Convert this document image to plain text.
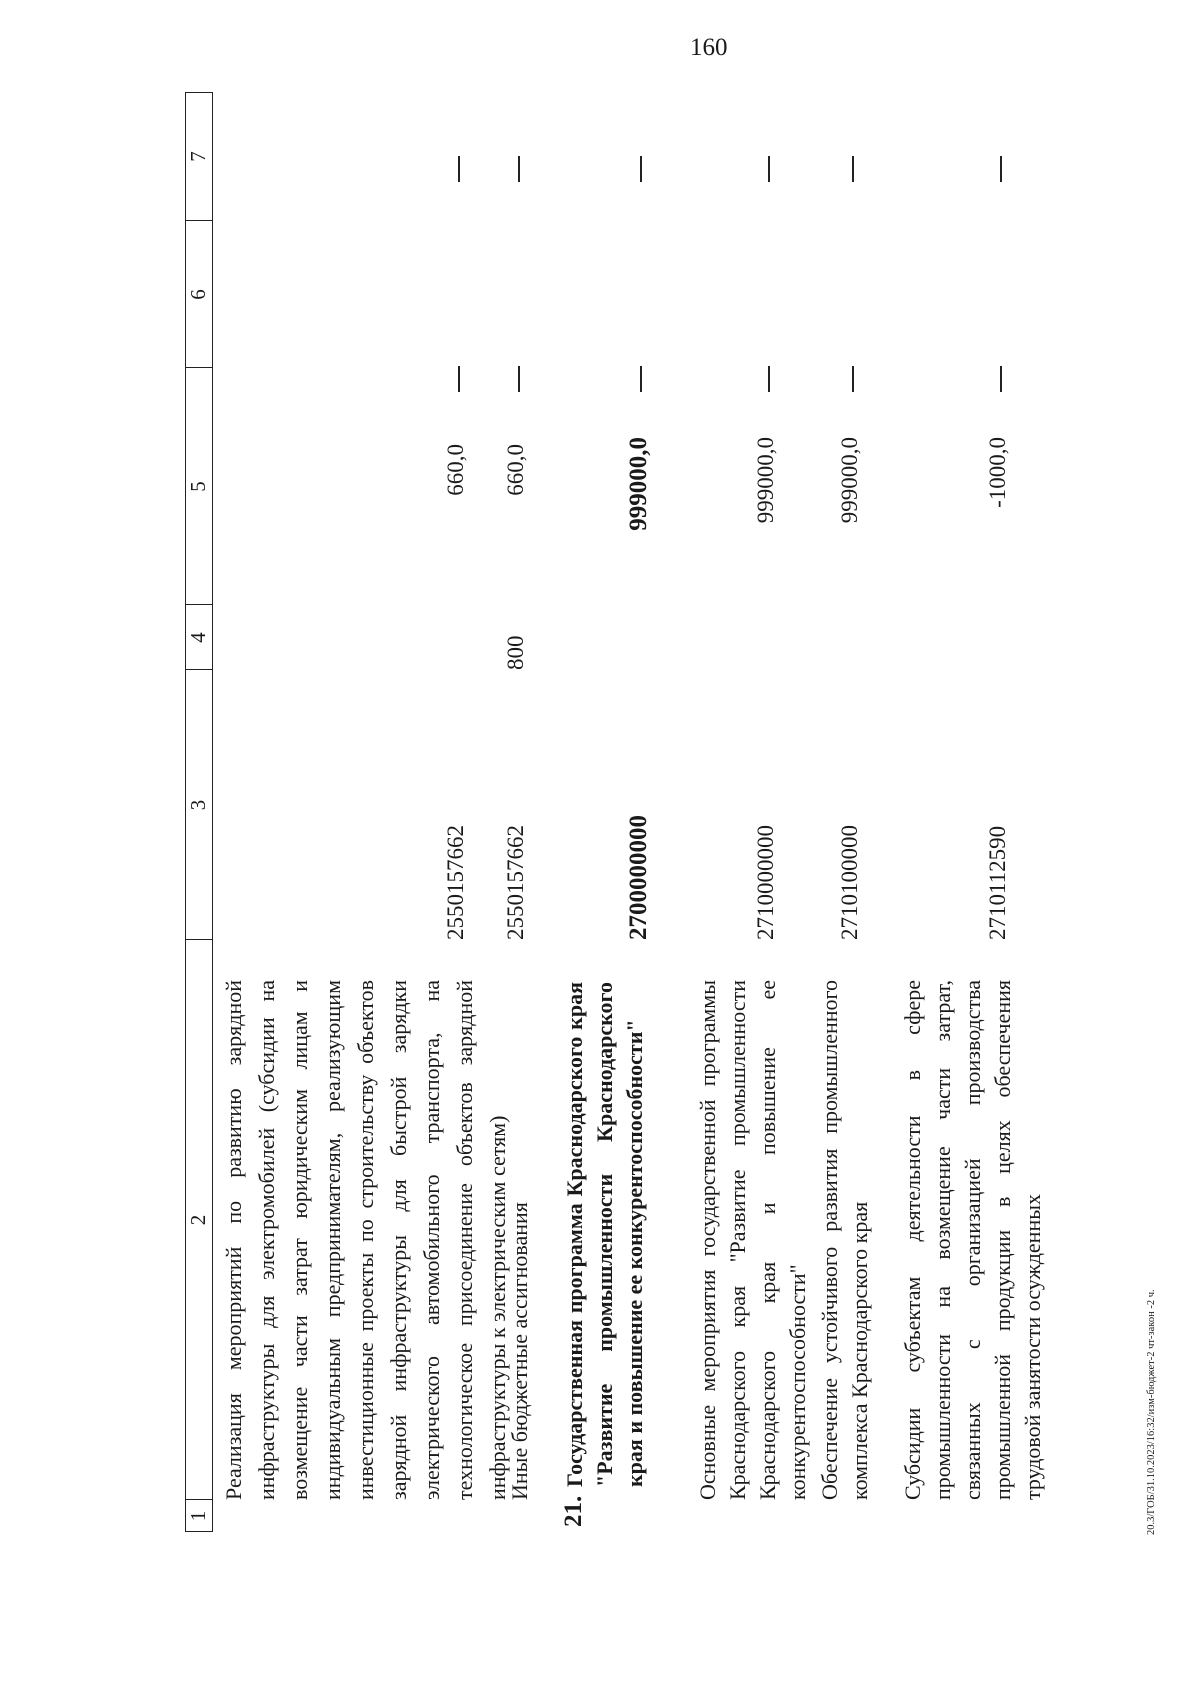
160
20.3/ГОБ/31.10.2023/16:32/изм-бюджет-2 чт-закон -2 ч.
1
2
3
4
5
6
7
Реализация мероприятий по развитию зарядной инфраструктуры для электромобилей (субсидии на возмещение части затрат юридическим лицам и индивидуальным предпринимателям, реализующим инвестиционные проекты по строительству объектов зарядной инфраструктуры для быстрой зарядки электрического автомобильного транспорта, на технологическое присоединение объектов зарядной инфраструктуры к электрическим сетям)
2550157662
660,0
Иные бюджетные ассигнования
2550157662
800
660,0
21.
Государственная программа Краснодарского края "Развитие промышленности Краснодарского края и повышение ее конкурентоспособности"
2700000000
999000,0
Основные мероприятия государственной программы Краснодарского края "Развитие промышленности Краснодарского края и повышение ее конкурентоспособности"
2710000000
999000,0
Обеспечение устойчивого развития промышленного комплекса Краснодарского края
2710100000
999000,0
Субсидии субъектам деятельности в сфере промышленности на возмещение части затрат, связанных с организацией производства промышленной продукции в целях обеспечения трудовой занятости осужденных
2710112590
-1000,0
